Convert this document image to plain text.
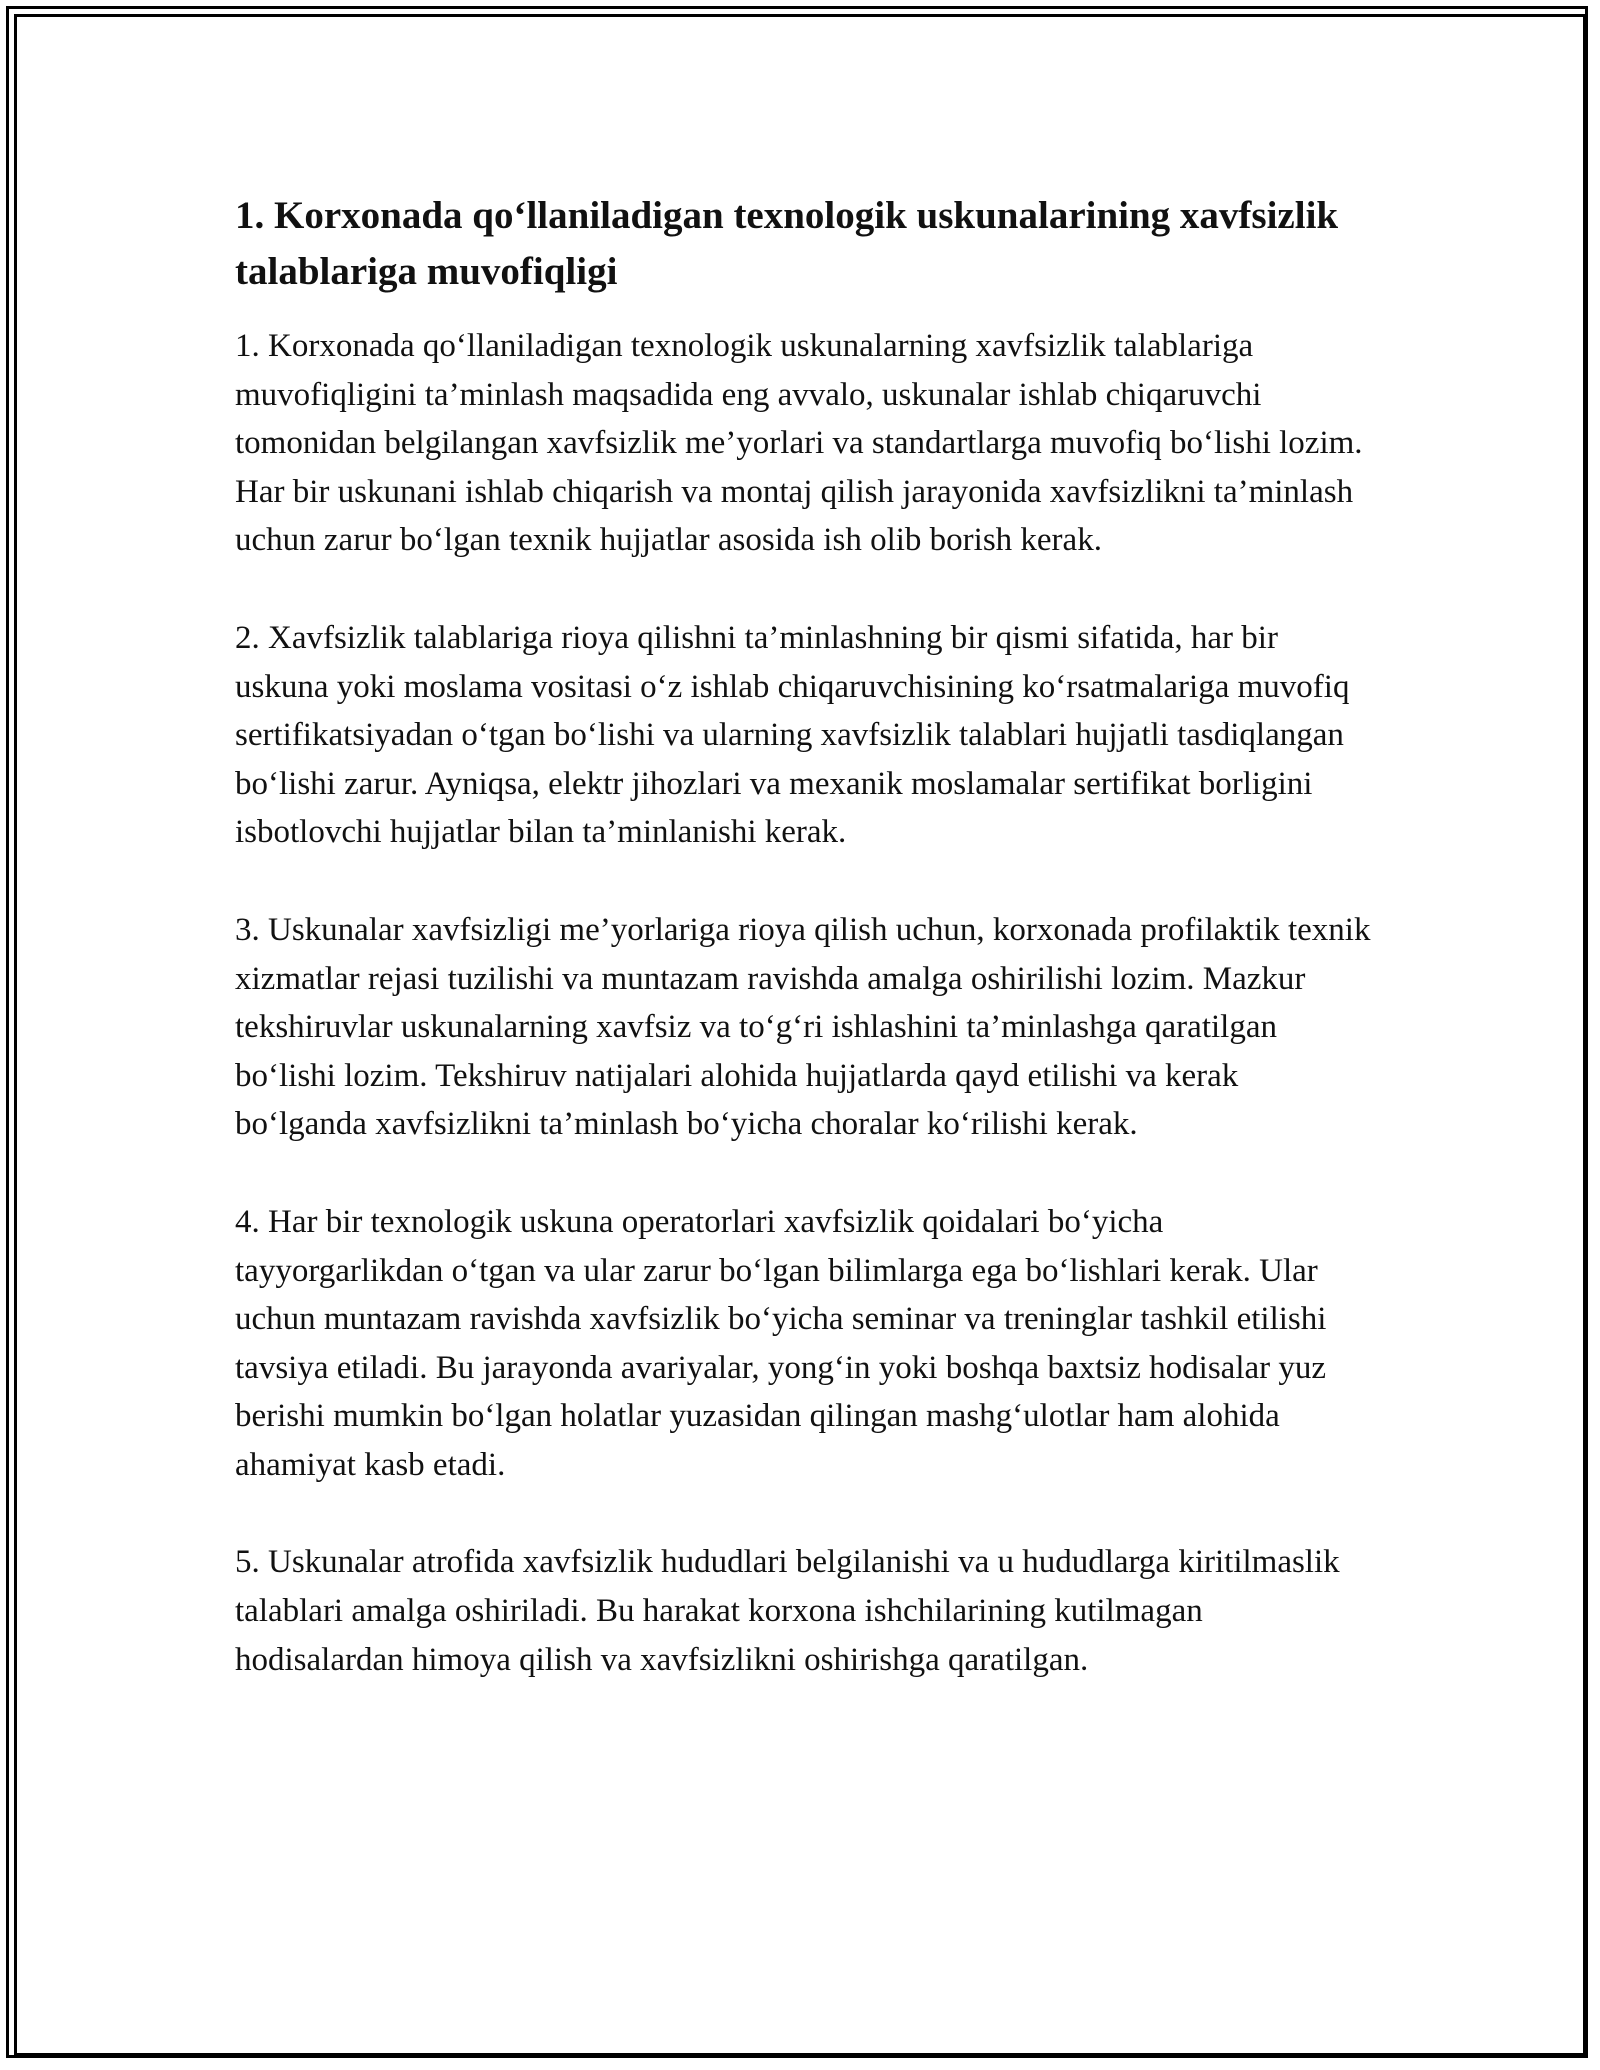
1. Korxonada qo‘llaniladigan texnologik uskunalarining xavfsizlik talablariga muvofiqligi

1. Korxonada qo‘llaniladigan texnologik uskunalarning xavfsizlik talablariga muvofiqligini ta’minlash maqsadida eng avvalo, uskunalar ishlab chiqaruvchi tomonidan belgilangan xavfsizlik me’yorlari va standartlarga muvofiq bo‘lishi lozim. Har bir uskunani ishlab chiqarish va montaj qilish jarayonida xavfsizlikni ta’minlash uchun zarur bo‘lgan texnik hujjatlar asosida ish olib borish kerak.

2. Xavfsizlik talablariga rioya qilishni ta’minlashning bir qismi sifatida, har bir uskuna yoki moslama vositasi o‘z ishlab chiqaruvchisining ko‘rsatmalariga muvofiq sertifikatsiyadan o‘tgan bo‘lishi va ularning xavfsizlik talablari hujjatli tasdiqlangan bo‘lishi zarur. Ayniqsa, elektr jihozlari va mexanik moslamalar sertifikat borligini isbotlovchi hujjatlar bilan ta’minlanishi kerak.

3. Uskunalar xavfsizligi me’yorlariga rioya qilish uchun, korxonada profilaktik texnik xizmatlar rejasi tuzilishi va muntazam ravishda amalga oshirilishi lozim. Mazkur tekshiruvlar uskunalarning xavfsiz va to‘g‘ri ishlashini ta’minlashga qaratilgan bo‘lishi lozim. Tekshiruv natijalari alohida hujjatlarda qayd etilishi va kerak bo‘lganda xavfsizlikni ta’minlash bo‘yicha choralar ko‘rilishi kerak.

4. Har bir texnologik uskuna operatorlari xavfsizlik qoidalari bo‘yicha tayyorgarlikdan o‘tgan va ular zarur bo‘lgan bilimlarga ega bo‘lishlari kerak. Ular uchun muntazam ravishda xavfsizlik bo‘yicha seminar va treninglar tashkil etilishi tavsiya etiladi. Bu jarayonda avariyalar, yong‘in yoki boshqa baxtsiz hodisalar yuz berishi mumkin bo‘lgan holatlar yuzasidan qilingan mashg‘ulotlar ham alohida ahamiyat kasb etadi.

5. Uskunalar atrofida xavfsizlik hududlari belgilanishi va u hududlarga kiritilmaslik talablari amalga oshiriladi. Bu harakat korxona ishchilarining kutilmagan hodisalardan himoya qilish va xavfsizlikni oshirishga qaratilgan.
